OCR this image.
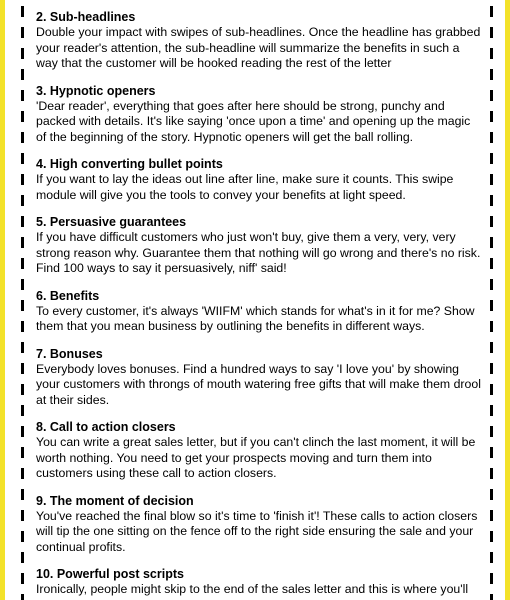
2. Sub-headlines
Double your impact with swipes of sub-headlines. Once the headline has grabbed your reader's attention, the sub-headline will summarize the benefits in such a way that the customer will be hooked reading the rest of the letter
3. Hypnotic openers
'Dear reader', everything that goes after here should be strong, punchy and packed with details. It's like saying 'once upon a time' and opening up the magic of the beginning of the story. Hypnotic openers will get the ball rolling.
4. High converting bullet points
If you want to lay the ideas out line after line, make sure it counts. This swipe module will give you the tools to convey your benefits at light speed.
5. Persuasive guarantees
If you have difficult customers who just won't buy, give them a very, very, very strong reason why. Guarantee them that nothing will go wrong and there's no risk. Find 100 ways to say it persuasively, niff' said!
6. Benefits
To every customer, it's always 'WIIFM' which stands for what's in it for me? Show them that you mean business by outlining the benefits in different ways.
7. Bonuses
Everybody loves bonuses. Find a hundred ways to say 'I love you' by showing your customers with throngs of mouth watering free gifts that will make them drool at their sides.
8. Call to action closers
You can write a great sales letter, but if you can't clinch the last moment, it will be worth nothing. You need to get your prospects moving and turn them into customers using these call to action closers.
9. The moment of decision
You've reached the final blow so it's time to 'finish it'! These calls to action closers will tip the one sitting on the fence off to the right side ensuring the sale and your continual profits.
10. Powerful post scripts
Ironically, people might skip to the end of the sales letter and this is where you'll
